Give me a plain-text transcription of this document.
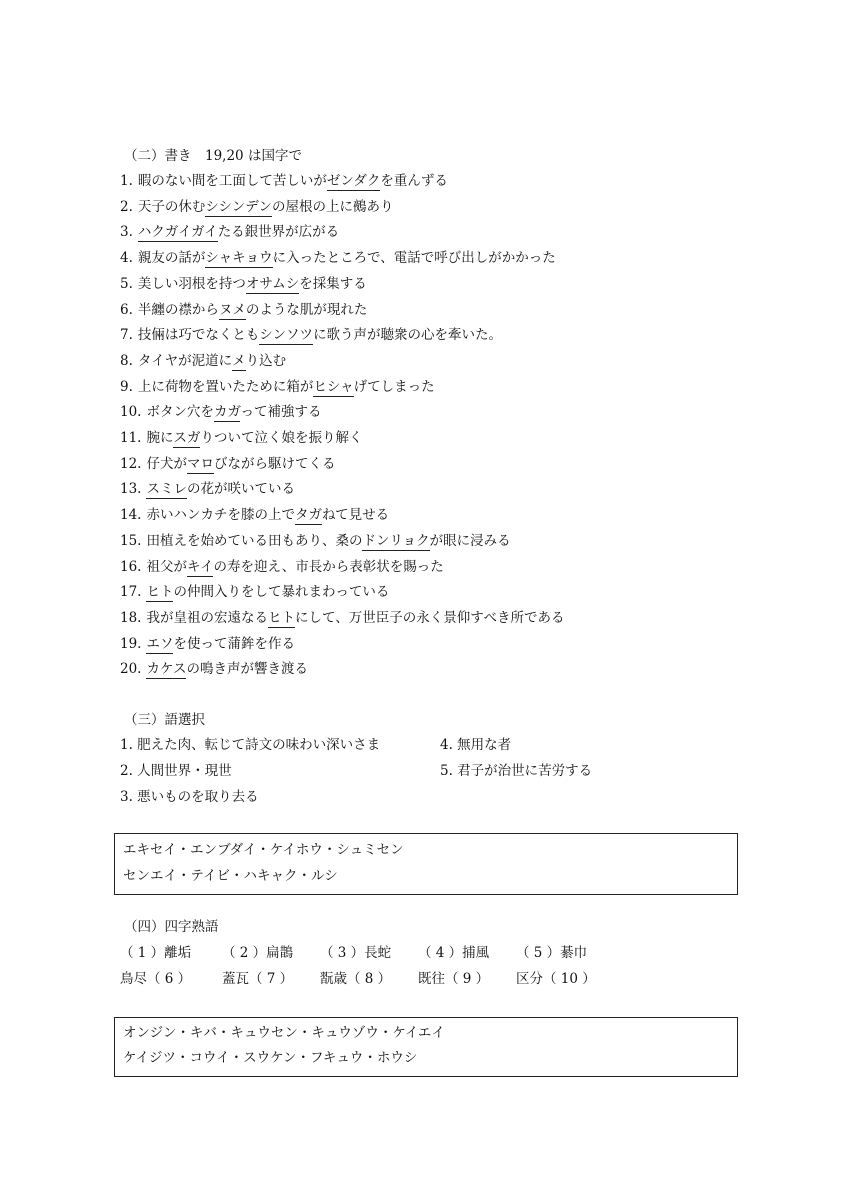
（二）書き　19,20 は国字で
1. 暇のない間を工面して苦しいがゼンダクを重んずる
2. 天子の休むシシンデンの屋根の上に鵺あり
3. ハクガイガイたる銀世界が広がる
4. 親友の話がシャキョウに入ったところで、電話で呼び出しがかかった
5. 美しい羽根を持つオサムシを採集する
6. 半纏の襟からヌメのような肌が現れた
7. 技倆は巧でなくともシンソツに歌う声が聴衆の心を牽いた。
8. タイヤが泥道にメり込む
9. 上に荷物を置いたために箱がヒシャげてしまった
10. ボタン穴をカガって補強する
11. 腕にスガりついて泣く娘を振り解く
12. 仔犬がマロびながら駆けてくる
13. スミレの花が咲いている
14. 赤いハンカチを膝の上でタガねて見せる
15. 田植えを始めている田もあり、桑のドンリョクが眼に浸みる
16. 祖父がキイの寿を迎え、市長から表彰状を賜った
17. ヒトの仲間入りをして暴れまわっている
18. 我が皇祖の宏遠なるヒトにして、万世臣子の永く景仰すべき所である
19. エソを使って蒲鉾を作る
20. カケスの鳴き声が響き渡る
（三）語選択
1. 肥えた肉、転じて詩文の味わい深いさま
2. 人間世界・現世
3. 悪いものを取り去る
4. 無用な者
5. 君子が治世に苦労する
エキセイ・エンブダイ・ケイホウ・シュミセン
センエイ・テイビ・ハキャク・ルシ
（四）四字熟語
（ 1 ）離垢 （ 2 ）扁鵲 （ 3 ）長蛇 （ 4 ）捕風 （ 5 ）綦巾
鳥尽（ 6 ） 蓋瓦（ 7 ） 翫歳（ 8 ） 既往（ 9 ） 区分（ 10 ）
オンジン・キバ・キュウセン・キュウゾウ・ケイエイ
ケイジツ・コウイ・スウケン・フキュウ・ホウシ
